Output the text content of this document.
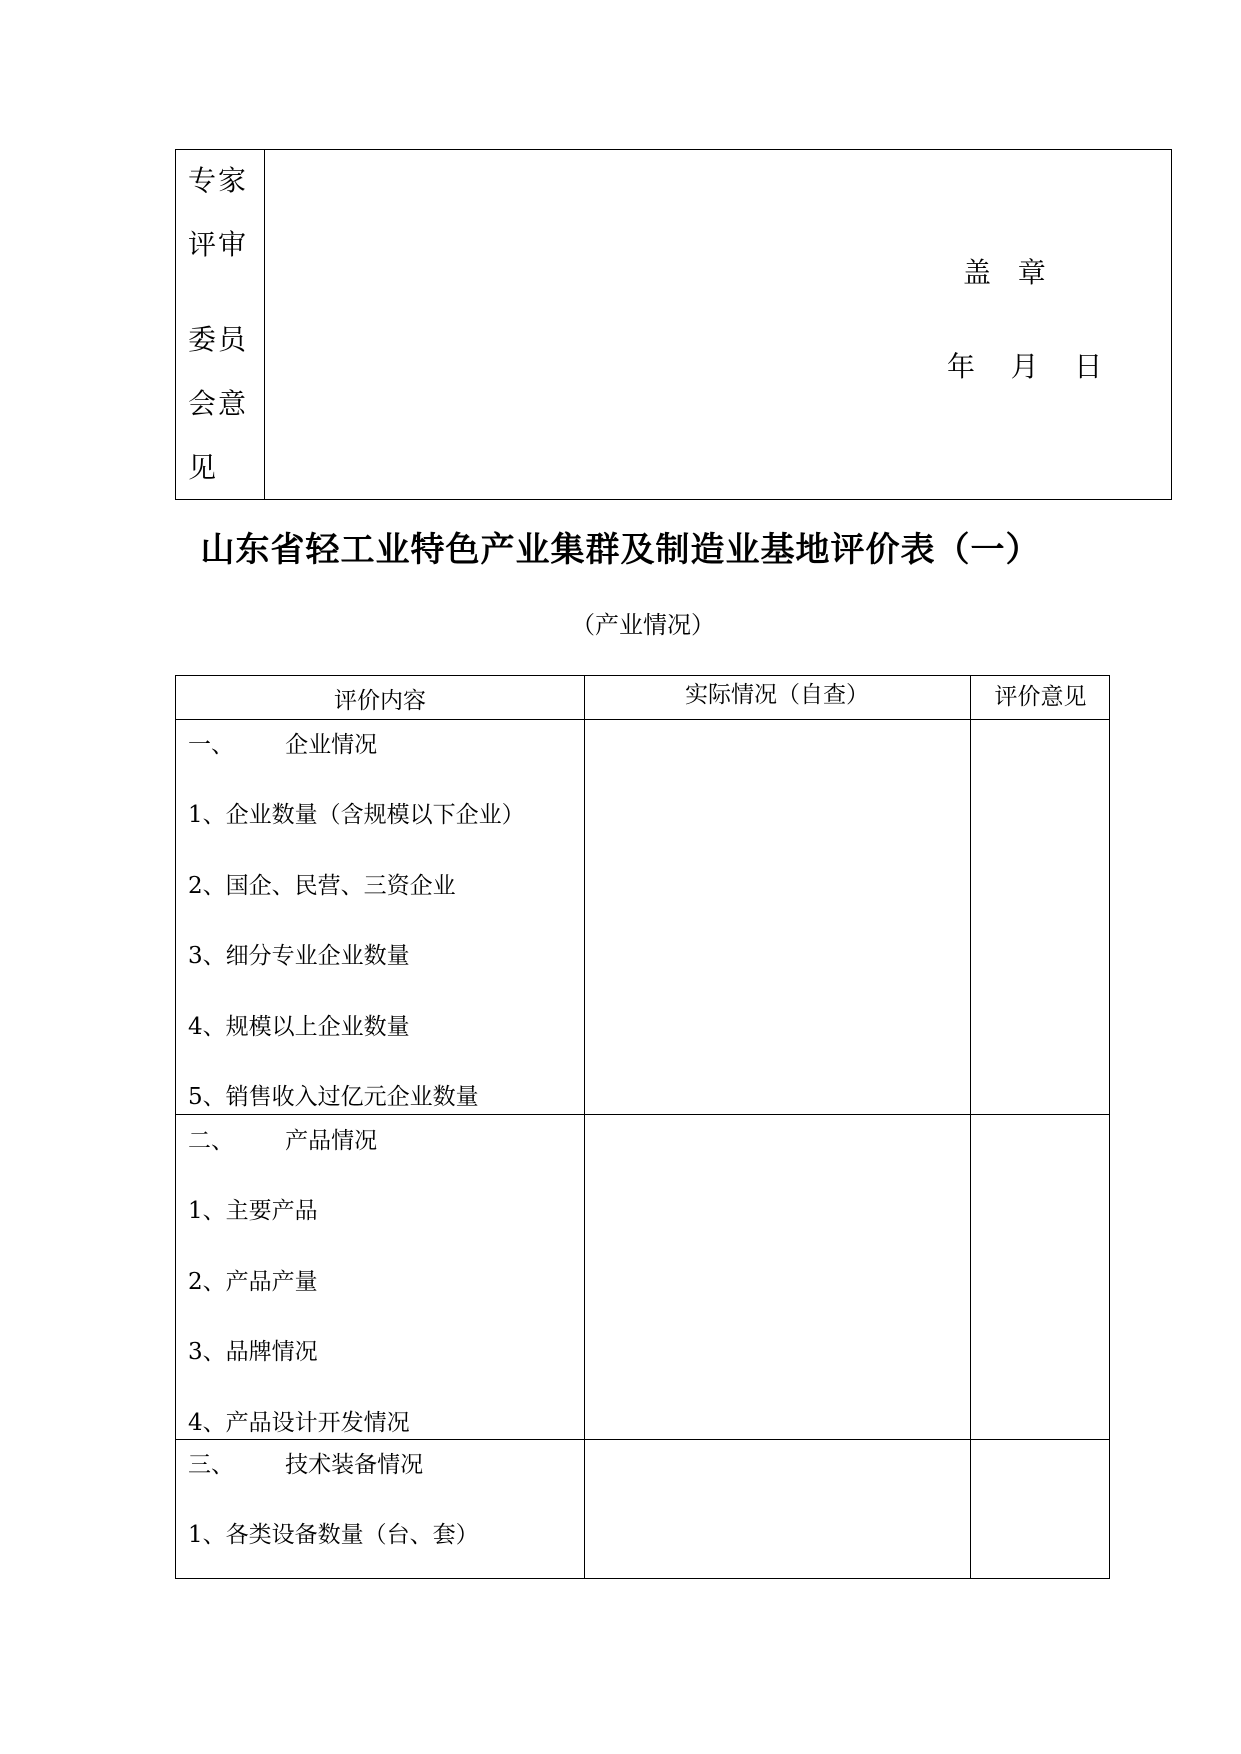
专家
评审
委员
会意
见
盖   章
年    月    日
山东省轻工业特色产业集群及制造业基地评价表（一）
（产业情况）
评价内容	实际情况（自查）	评价意见
一、       企业情况
1、企业数量（含规模以下企业）
2、国企、民营、三资企业
3、细分专业企业数量
4、规模以上企业数量
5、销售收入过亿元企业数量
二、       产品情况
1、主要产品
2、产品产量
3、品牌情况
4、产品设计开发情况
三、       技术装备情况
1、各类设备数量（台、套）
